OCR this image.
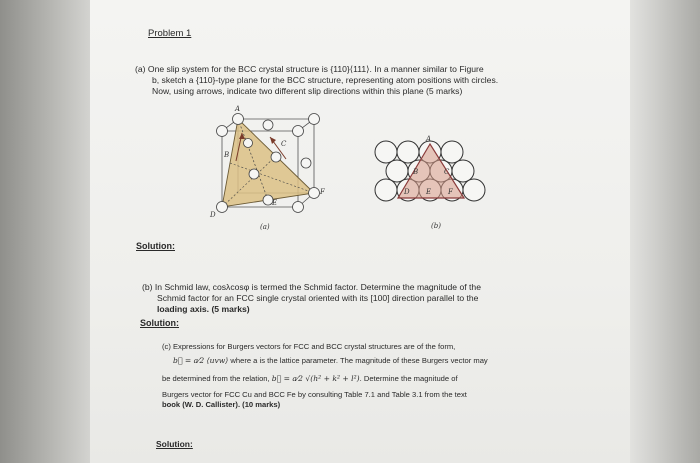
Problem 1
(a) One slip system for the BCC crystal structure is {110}⟨111⟩. In a manner similar to Figure
b, sketch a {110}-type plane for the BCC structure, representing atom positions with circles.
Now, using arrows, indicate two different slip directions within this plane (5 marks)
A
B
C
D
E
F
(a)
A
B	C
D E F
(b)
Solution:
(b) In Schmid law, cosλcosφ is termed the Schmid factor. Determine the magnitude of the
Schmid factor for an FCC single crystal oriented with its [100] direction parallel to the
loading axis. (5 marks)
Solution:
(c) Expressions for Burgers vectors for FCC and BCC crystal structures are of the form,
b⃗ = a⁄2 ⟨uvw⟩ where a is the lattice parameter. The magnitude of these Burgers vector may
be determined from the relation, b⃗ = a⁄2 √(h² + k² + l²). Determine the magnitude of
Burgers vector for FCC Cu and BCC Fe by consulting Table 7.1 and Table 3.1 from the text
book (W. D. Callister). (10 marks)
Solution:
